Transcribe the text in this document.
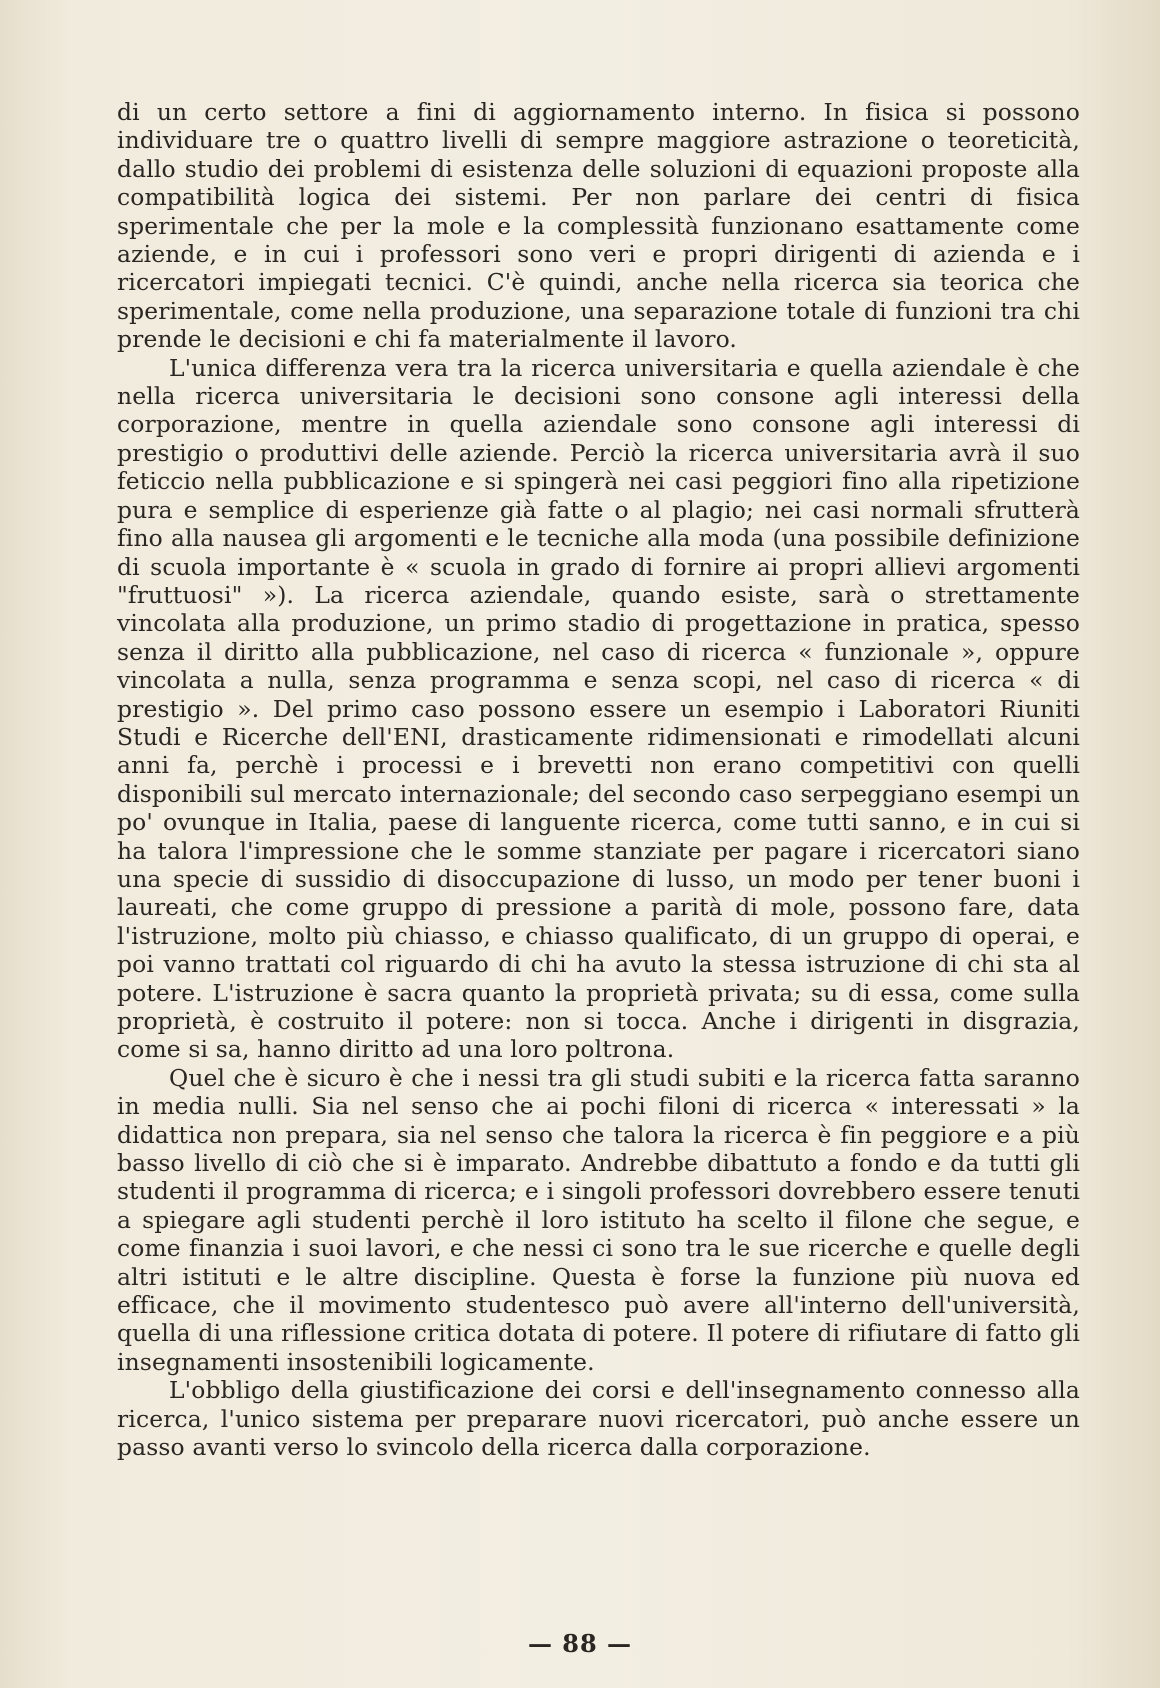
di un certo settore a fini di aggiornamento interno. In fisica si possono individuare tre o quattro livelli di sempre maggiore astrazione o teoreticità, dallo studio dei problemi di esistenza delle soluzioni di equazioni proposte alla compatibilità logica dei sistemi. Per non parlare dei centri di fisica sperimentale che per la mole e la complessità funzionano esattamente come aziende, e in cui i professori sono veri e propri dirigenti di azienda e i ricercatori impiegati tecnici. C'è quindi, anche nella ricerca sia teorica che sperimentale, come nella produzione, una separazione totale di funzioni tra chi prende le decisioni e chi fa materialmente il lavoro.

L'unica differenza vera tra la ricerca universitaria e quella aziendale è che nella ricerca universitaria le decisioni sono consone agli interessi della corporazione, mentre in quella aziendale sono consone agli interessi di prestigio o produttivi delle aziende. Perciò la ricerca universitaria avrà il suo feticcio nella pubblicazione e si spingerà nei casi peggiori fino alla ripetizione pura e semplice di esperienze già fatte o al plagio; nei casi normali sfrutterà fino alla nausea gli argomenti e le tecniche alla moda (una possibile definizione di scuola importante è « scuola in grado di fornire ai propri allievi argomenti "fruttuosi" »). La ricerca aziendale, quando esiste, sarà o strettamente vincolata alla produzione, un primo stadio di progettazione in pratica, spesso senza il diritto alla pubblicazione, nel caso di ricerca « funzionale », oppure vincolata a nulla, senza programma e senza scopi, nel caso di ricerca « di prestigio ». Del primo caso possono essere un esempio i Laboratori Riuniti Studi e Ricerche dell'ENI, drasticamente ridimensionati e rimodellati alcuni anni fa, perchè i processi e i brevetti non erano competitivi con quelli disponibili sul mercato internazionale; del secondo caso serpeggiano esempi un po' ovunque in Italia, paese di languente ricerca, come tutti sanno, e in cui si ha talora l'impressione che le somme stanziate per pagare i ricercatori siano una specie di sussidio di disoccupazione di lusso, un modo per tener buoni i laureati, che come gruppo di pressione a parità di mole, possono fare, data l'istruzione, molto più chiasso, e chiasso qualificato, di un gruppo di operai, e poi vanno trattati col riguardo di chi ha avuto la stessa istruzione di chi sta al potere. L'istruzione è sacra quanto la proprietà privata; su di essa, come sulla proprietà, è costruito il potere: non si tocca. Anche i dirigenti in disgrazia, come si sa, hanno diritto ad una loro poltrona.

Quel che è sicuro è che i nessi tra gli studi subiti e la ricerca fatta saranno in media nulli. Sia nel senso che ai pochi filoni di ricerca « interessati » la didattica non prepara, sia nel senso che talora la ricerca è fin peggiore e a più basso livello di ciò che si è imparato. Andrebbe dibattuto a fondo e da tutti gli studenti il programma di ricerca; e i singoli professori dovrebbero essere tenuti a spiegare agli studenti perchè il loro istituto ha scelto il filone che segue, e come finanzia i suoi lavori, e che nessi ci sono tra le sue ricerche e quelle degli altri istituti e le altre discipline. Questa è forse la funzione più nuova ed efficace, che il movimento studentesco può avere all'interno dell'università, quella di una riflessione critica dotata di potere. Il potere di rifiutare di fatto gli insegnamenti insostenibili logicamente.

L'obbligo della giustificazione dei corsi e dell'insegnamento connesso alla ricerca, l'unico sistema per preparare nuovi ricercatori, può anche essere un passo avanti verso lo svincolo della ricerca dalla corporazione.

— 88 —
